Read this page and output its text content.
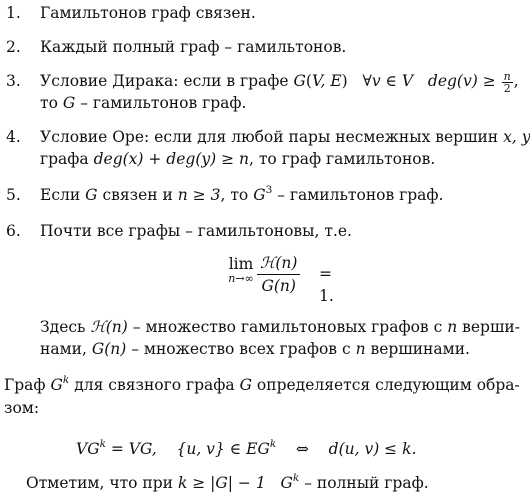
1.	Гамильтонов граф связен.
2.	Каждый полный граф – гамильтонов.
3.	Условие Дирака: если в графе G(V, E) ∀v ∈ V $deg(v) \ge \frac{n}{2}$ ,
то G – гамильтонов граф.
4.	Условие Оре: если для любой пары несмежных вершин x, y
графа deg(x) + deg(y) ≥ n, то граф гамильтонов.
5.	Если G связен и n ≥ 3, то $G^3$ – гамильтонов граф.
6.	Почти все графы – гамильтоновы, т.е.
lim
n→∞
ℋ(n)
G(n)
= 1.
Здесь ℋ(n) – множество гамильтоновых графов с n верши-
нами, G(n) – множество всех графов с n вершинами.
Граф $G^k$ для связного графа G определяется следующим обра-
зом:
$VG^k$ = VG, {u, v} ∈ $EG^k$ ⇔ d(u, v) ≤ k.
Отметим, что при k ≥ |G| − 1 $G^k$ – полный граф.
